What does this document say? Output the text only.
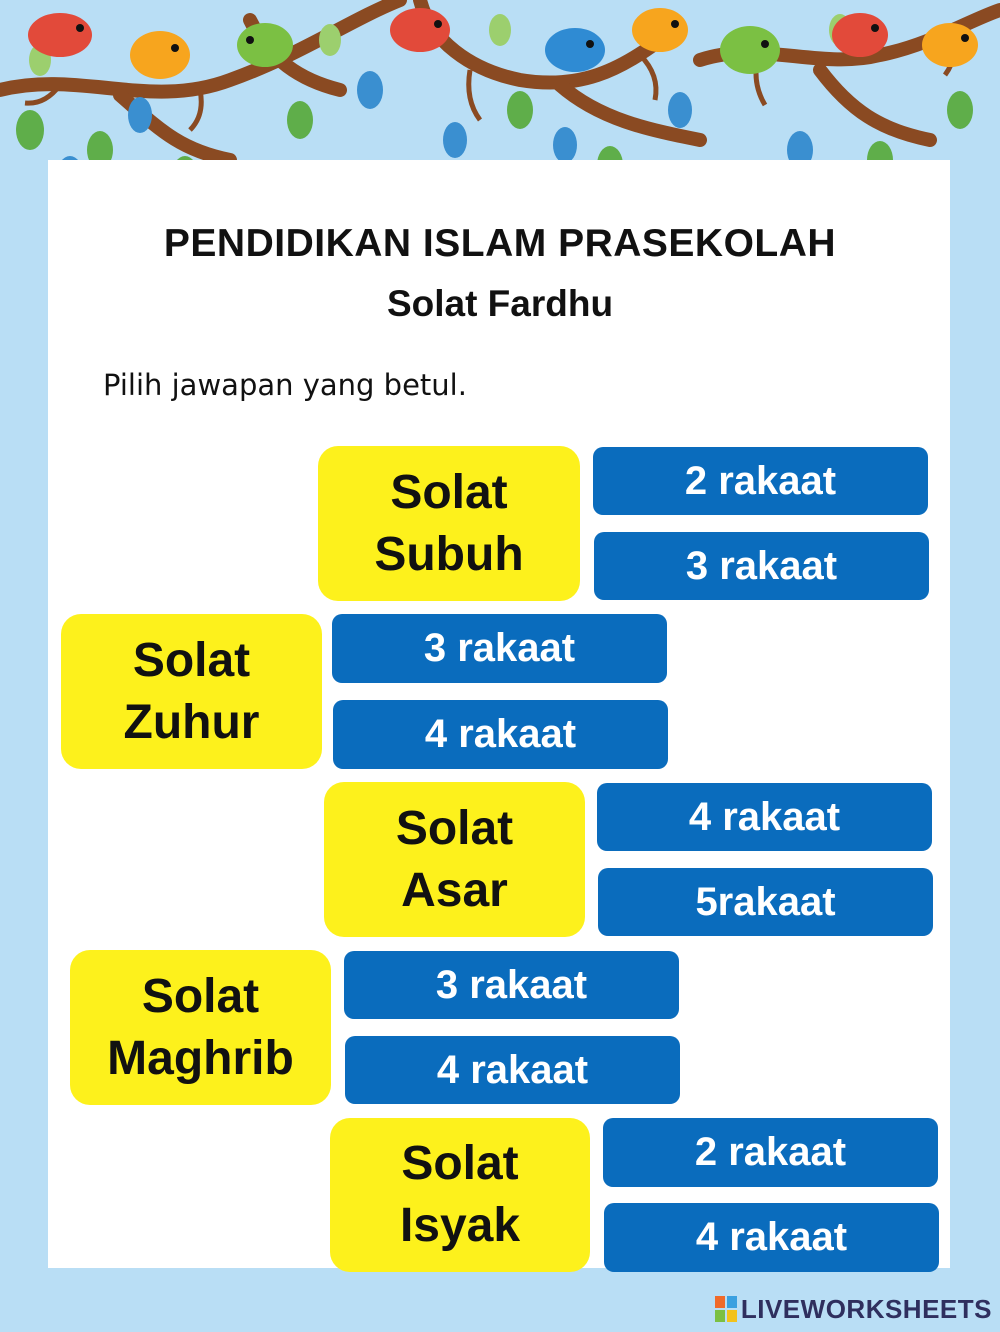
PENDIDIKAN ISLAM PRASEKOLAH
Solat Fardhu
Pilih jawapan yang betul.
Solat
Subuh
2 rakaat
3 rakaat
Solat
Zuhur
3 rakaat
4 rakaat
Solat
Asar
4 rakaat
5rakaat
Solat
Maghrib
3 rakaat
4 rakaat
Solat
Isyak
2 rakaat
4 rakaat
LIVEWORKSHEETS
